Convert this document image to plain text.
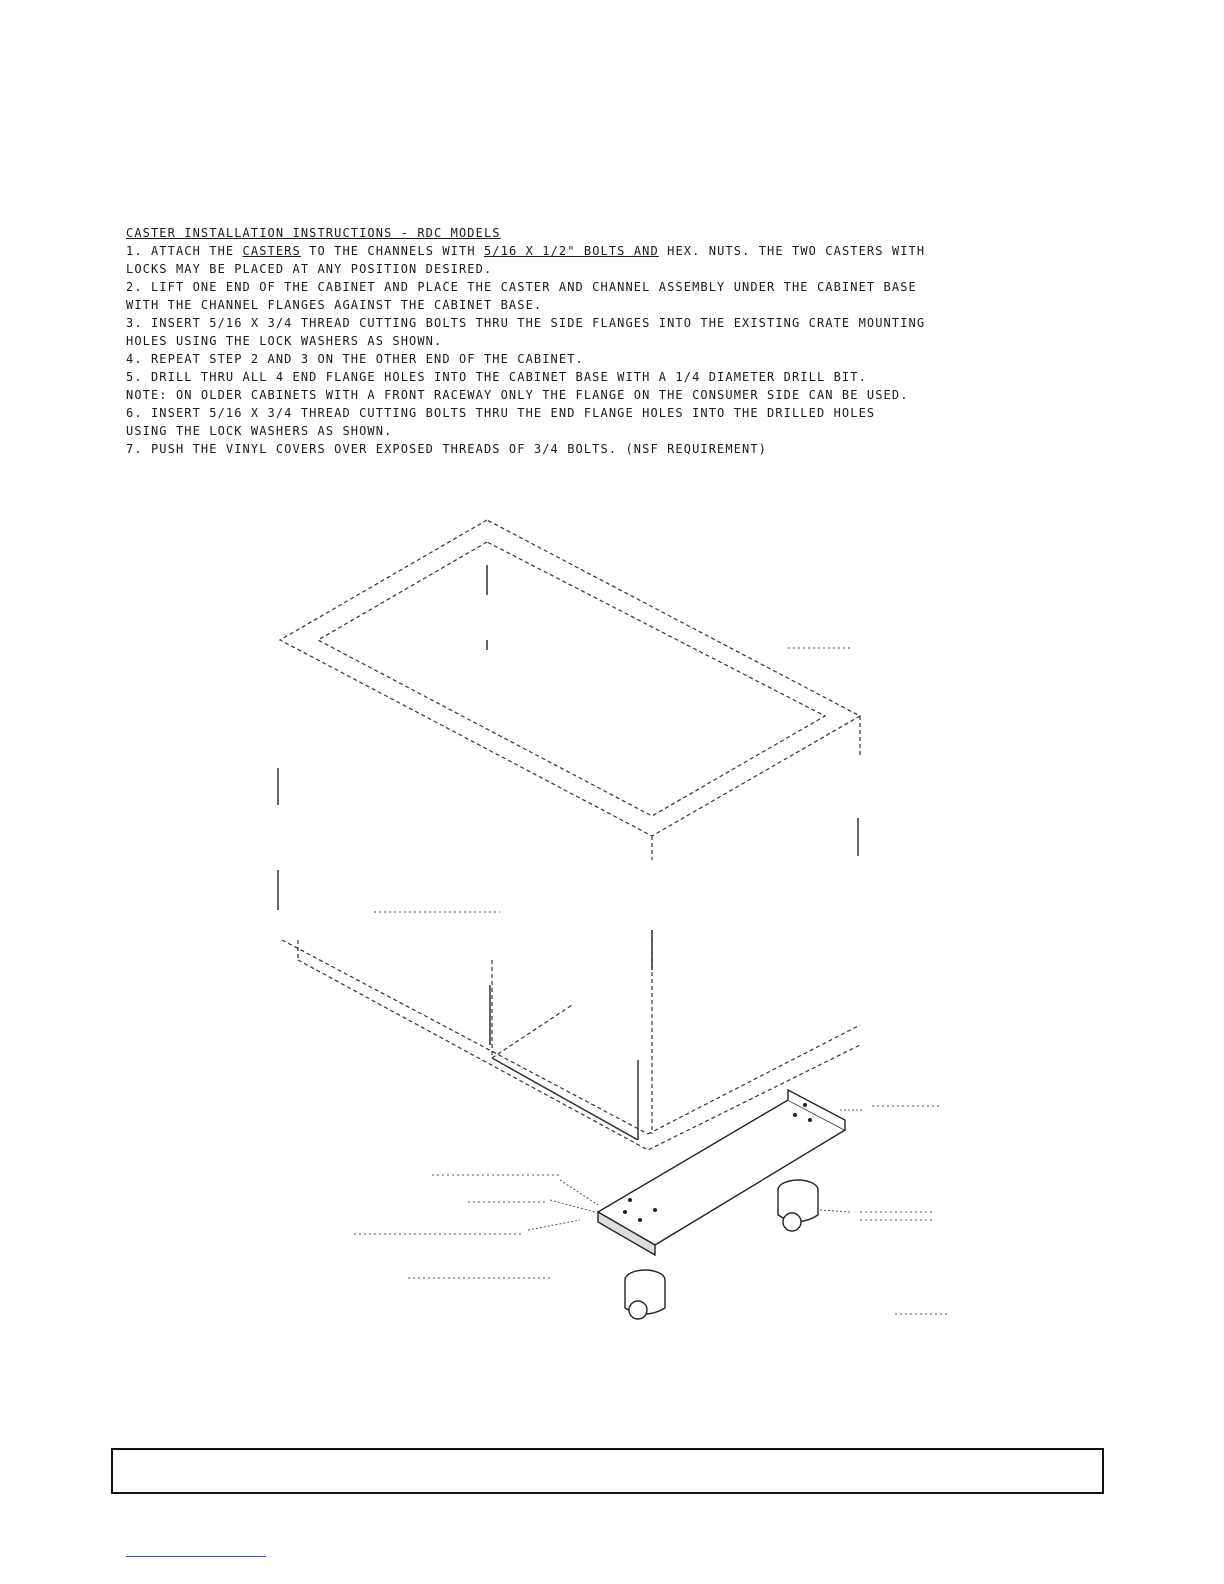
CASTER INSTALLATION INSTRUCTIONS - RDC MODELS

1. ATTACH THE CASTERS TO THE CHANNELS WITH 5/16 X 1/2" BOLTS AND HEX. NUTS. THE TWO CASTERS WITH

LOCKS MAY BE PLACED AT ANY POSITION DESIRED.

2. LIFT ONE END OF THE CABINET AND PLACE THE CASTER AND CHANNEL ASSEMBLY UNDER THE CABINET BASE

WITH THE CHANNEL FLANGES AGAINST THE CABINET BASE.

3. INSERT 5/16 X 3/4 THREAD CUTTING BOLTS THRU THE SIDE FLANGES INTO THE EXISTING CRATE MOUNTING

HOLES USING THE LOCK WASHERS AS SHOWN.

4. REPEAT STEP 2 AND 3 ON THE OTHER END OF THE CABINET.

5. DRILL THRU ALL 4 END FLANGE HOLES INTO THE CABINET BASE WITH A 1/4 DIAMETER DRILL BIT.

NOTE: ON OLDER CABINETS WITH A FRONT RACEWAY ONLY THE FLANGE ON THE CONSUMER SIDE CAN BE USED.

6. INSERT 5/16 X 3/4 THREAD CUTTING BOLTS THRU THE END FLANGE HOLES INTO THE DRILLED HOLES

USING THE LOCK WASHERS AS SHOWN.

7. PUSH THE VINYL COVERS OVER EXPOSED THREADS OF 3/4 BOLTS. (NSF REQUIREMENT)
